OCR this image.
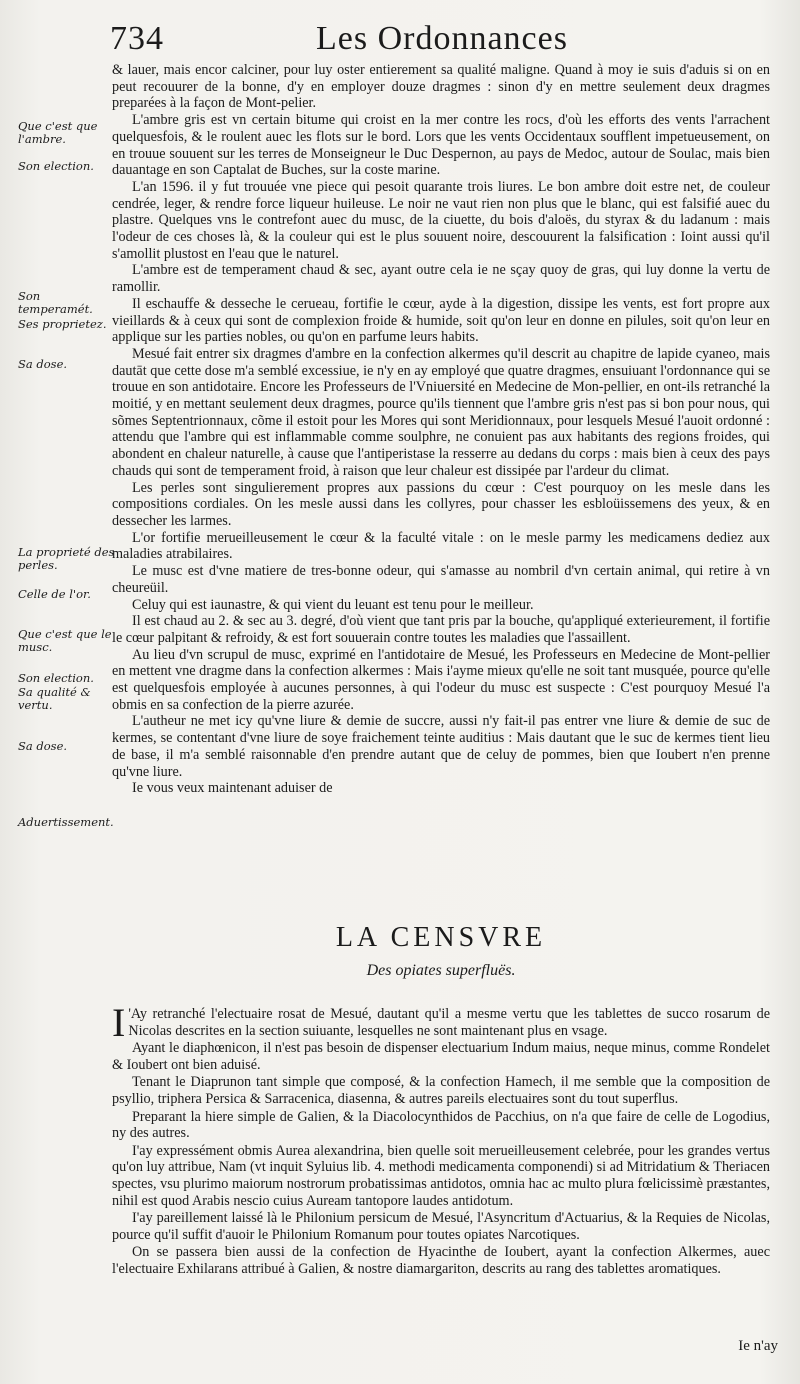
734	Les Ordonnances
Que c'est que l'ambre.
Son election.
Son temperamét.
Ses proprietez.
Sa dose.
La proprieté des perles.
Celle de l'or.
Que c'est que le musc.
Son election.
Sa qualité & vertu.
Sa dose.
Aduertissement.

& lauer, mais encor calciner, pour luy oster entierement sa qualité maligne. Quand à moy ie suis d'aduis si on en peut recouurer de la bonne, d'y en employer douze dragmes : sinon d'y en mettre seulement deux dragmes preparées à la façon de Mont-pelier.

L'ambre gris est vn certain bitume qui croist en la mer contre les rocs, d'où les efforts des vents l'arrachent quelquesfois, & le roulent auec les flots sur le bord. Lors que les vents Occidentaux soufflent impetueusement, on en trouue souuent sur les terres de Monseigneur le Duc Despernon, au pays de Medoc, autour de Soulac, mais bien dauantage en son Captalat de Buches, sur la coste marine.

L'an 1596. il y fut trouuée vne piece qui pesoit quarante trois liures. Le bon ambre doit estre net, de couleur cendrée, leger, & rendre force liqueur huileuse. Le noir ne vaut rien non plus que le blanc, qui est falsifié auec du plastre. Quelques vns le contrefont auec du musc, de la ciuette, du bois d'aloës, du styrax & du ladanum : mais l'odeur de ces choses là, & la couleur qui est le plus souuent noire, descouurent la falsification : Ioint aussi qu'il s'amollit plustost en l'eau que le naturel.

L'ambre est de temperament chaud & sec, ayant outre cela ie ne sçay quoy de gras, qui luy donne la vertu de ramollir.

Il eschauffe & desseche le cerueau, fortifie le cœur, ayde à la digestion, dissipe les vents, est fort propre aux vieillards & à ceux qui sont de complexion froide & humide, soit qu'on leur en donne en pilules, soit qu'on leur en applique sur les parties nobles, ou qu'on en parfume leurs habits.

Mesué fait entrer six dragmes d'ambre en la confection alkermes qu'il descrit au chapitre de lapide cyaneo, mais dautāt que cette dose m'a semblé excessiue, ie n'y en ay employé que quatre dragmes, ensuiuant l'ordonnance qui se trouue en son antidotaire. Encore les Professeurs de l'Vniuersité en Medecine de Mon-pellier, en ont-ils retranché la moitié, y en mettant seulement deux dragmes, pource qu'ils tiennent que l'ambre gris n'est pas si bon pour nous, qui sõmes Septentrionnaux, cõme il estoit pour les Mores qui sont Meridionnaux, pour lesquels Mesué l'auoit ordonné : attendu que l'ambre qui est inflammable comme soulphre, ne conuient pas aux habitants des regions froides, qui abondent en chaleur naturelle, à cause que l'antiperistase la resserre au dedans du corps : mais bien à ceux des pays chauds qui sont de temperament froid, à raison que leur chaleur est dissipée par l'ardeur du climat.

Les perles sont singulierement propres aux passions du cœur : C'est pourquoy on les mesle dans les compositions cordiales. On les mesle aussi dans les collyres, pour chasser les esbloüissemens des yeux, & en dessecher les larmes.

L'or fortifie merueilleusement le cœur & la faculté vitale : on le mesle parmy les medicamens dediez aux maladies atrabilaires.

Le musc est d'vne matiere de tres-bonne odeur, qui s'amasse au nombril d'vn certain animal, qui retire à vn cheureüil.

Celuy qui est iaunastre, & qui vient du leuant est tenu pour le meilleur.

Il est chaud au 2. & sec au 3. degré, d'où vient que tant pris par la bouche, qu'appliqué exterieurement, il fortifie le cœur palpitant & refroidy, & est fort souuerain contre toutes les maladies que l'assaillent.

Au lieu d'vn scrupul de musc, exprimé en l'antidotaire de Mesué, les Professeurs en Medecine de Mont-pellier en mettent vne dragme dans la confection alkermes : Mais i'ayme mieux qu'elle ne soit tant musquée, pource qu'elle est quelquesfois employée à aucunes personnes, à qui l'odeur du musc est suspecte : C'est pourquoy Mesué l'a obmis en sa confection de la pierre azurée.

L'autheur ne met icy qu'vne liure & demie de succre, aussi n'y fait-il pas entrer vne liure & demie de suc de kermes, se contentant d'vne liure de soye fraichement teinte auditius : Mais dautant que le suc de kermes tient lieu de base, il m'a semblé raisonnable d'en prendre autant que de celuy de pommes, bien que Ioubert n'en prenne qu'vne liure.

Ie vous veux maintenant aduiser de

LA CENSVRE

Des opiates superfluës.

I 'Ay retranché l'electuaire rosat de Mesué, dautant qu'il a mesme vertu que les tablettes de succo rosarum de Nicolas descrites en la section suiuante, lesquelles ne sont maintenant plus en vsage.

Ayant le diaphœnicon, il n'est pas besoin de dispenser electuarium Indum maius, neque minus, comme Rondelet & Ioubert ont bien aduisé.

Tenant le Diaprunon tant simple que composé, & la confection Hamech, il me semble que la composition de psyllio, triphera Persica & Sarracenica, diasenna, & autres pareils electuaires sont du tout superflus.

Preparant la hiere simple de Galien, & la Diacolocynthidos de Pacchius, on n'a que faire de celle de Logodius, ny des autres.

I'ay expressément obmis Aurea alexandrina, bien quelle soit merueilleusement celebrée, pour les grandes vertus qu'on luy attribue, Nam (vt inquit Syluius lib. 4. methodi medicamenta componendi) si ad Mitridatium & Theriacen spectes, vsu plurimo maiorum nostrorum probatissimas antidotos, omnia hac ac multo plura fœlicissimè præstantes, nihil est quod Arabis nescio cuius Auream tantopore laudes antidotum.

I'ay pareillement laissé là le Philonium persicum de Mesué, l'Asyncritum d'Actuarius, & la Requies de Nicolas, pource qu'il suffit d'auoir le Philonium Romanum pour toutes opiates Narcotiques.

On se passera bien aussi de la confection de Hyacinthe de Ioubert, ayant la confection Alkermes, auec l'electuaire Exhilarans attribué à Galien, & nostre diamargariton, descrits au rang des tablettes aromatiques.

Ie n'ay
